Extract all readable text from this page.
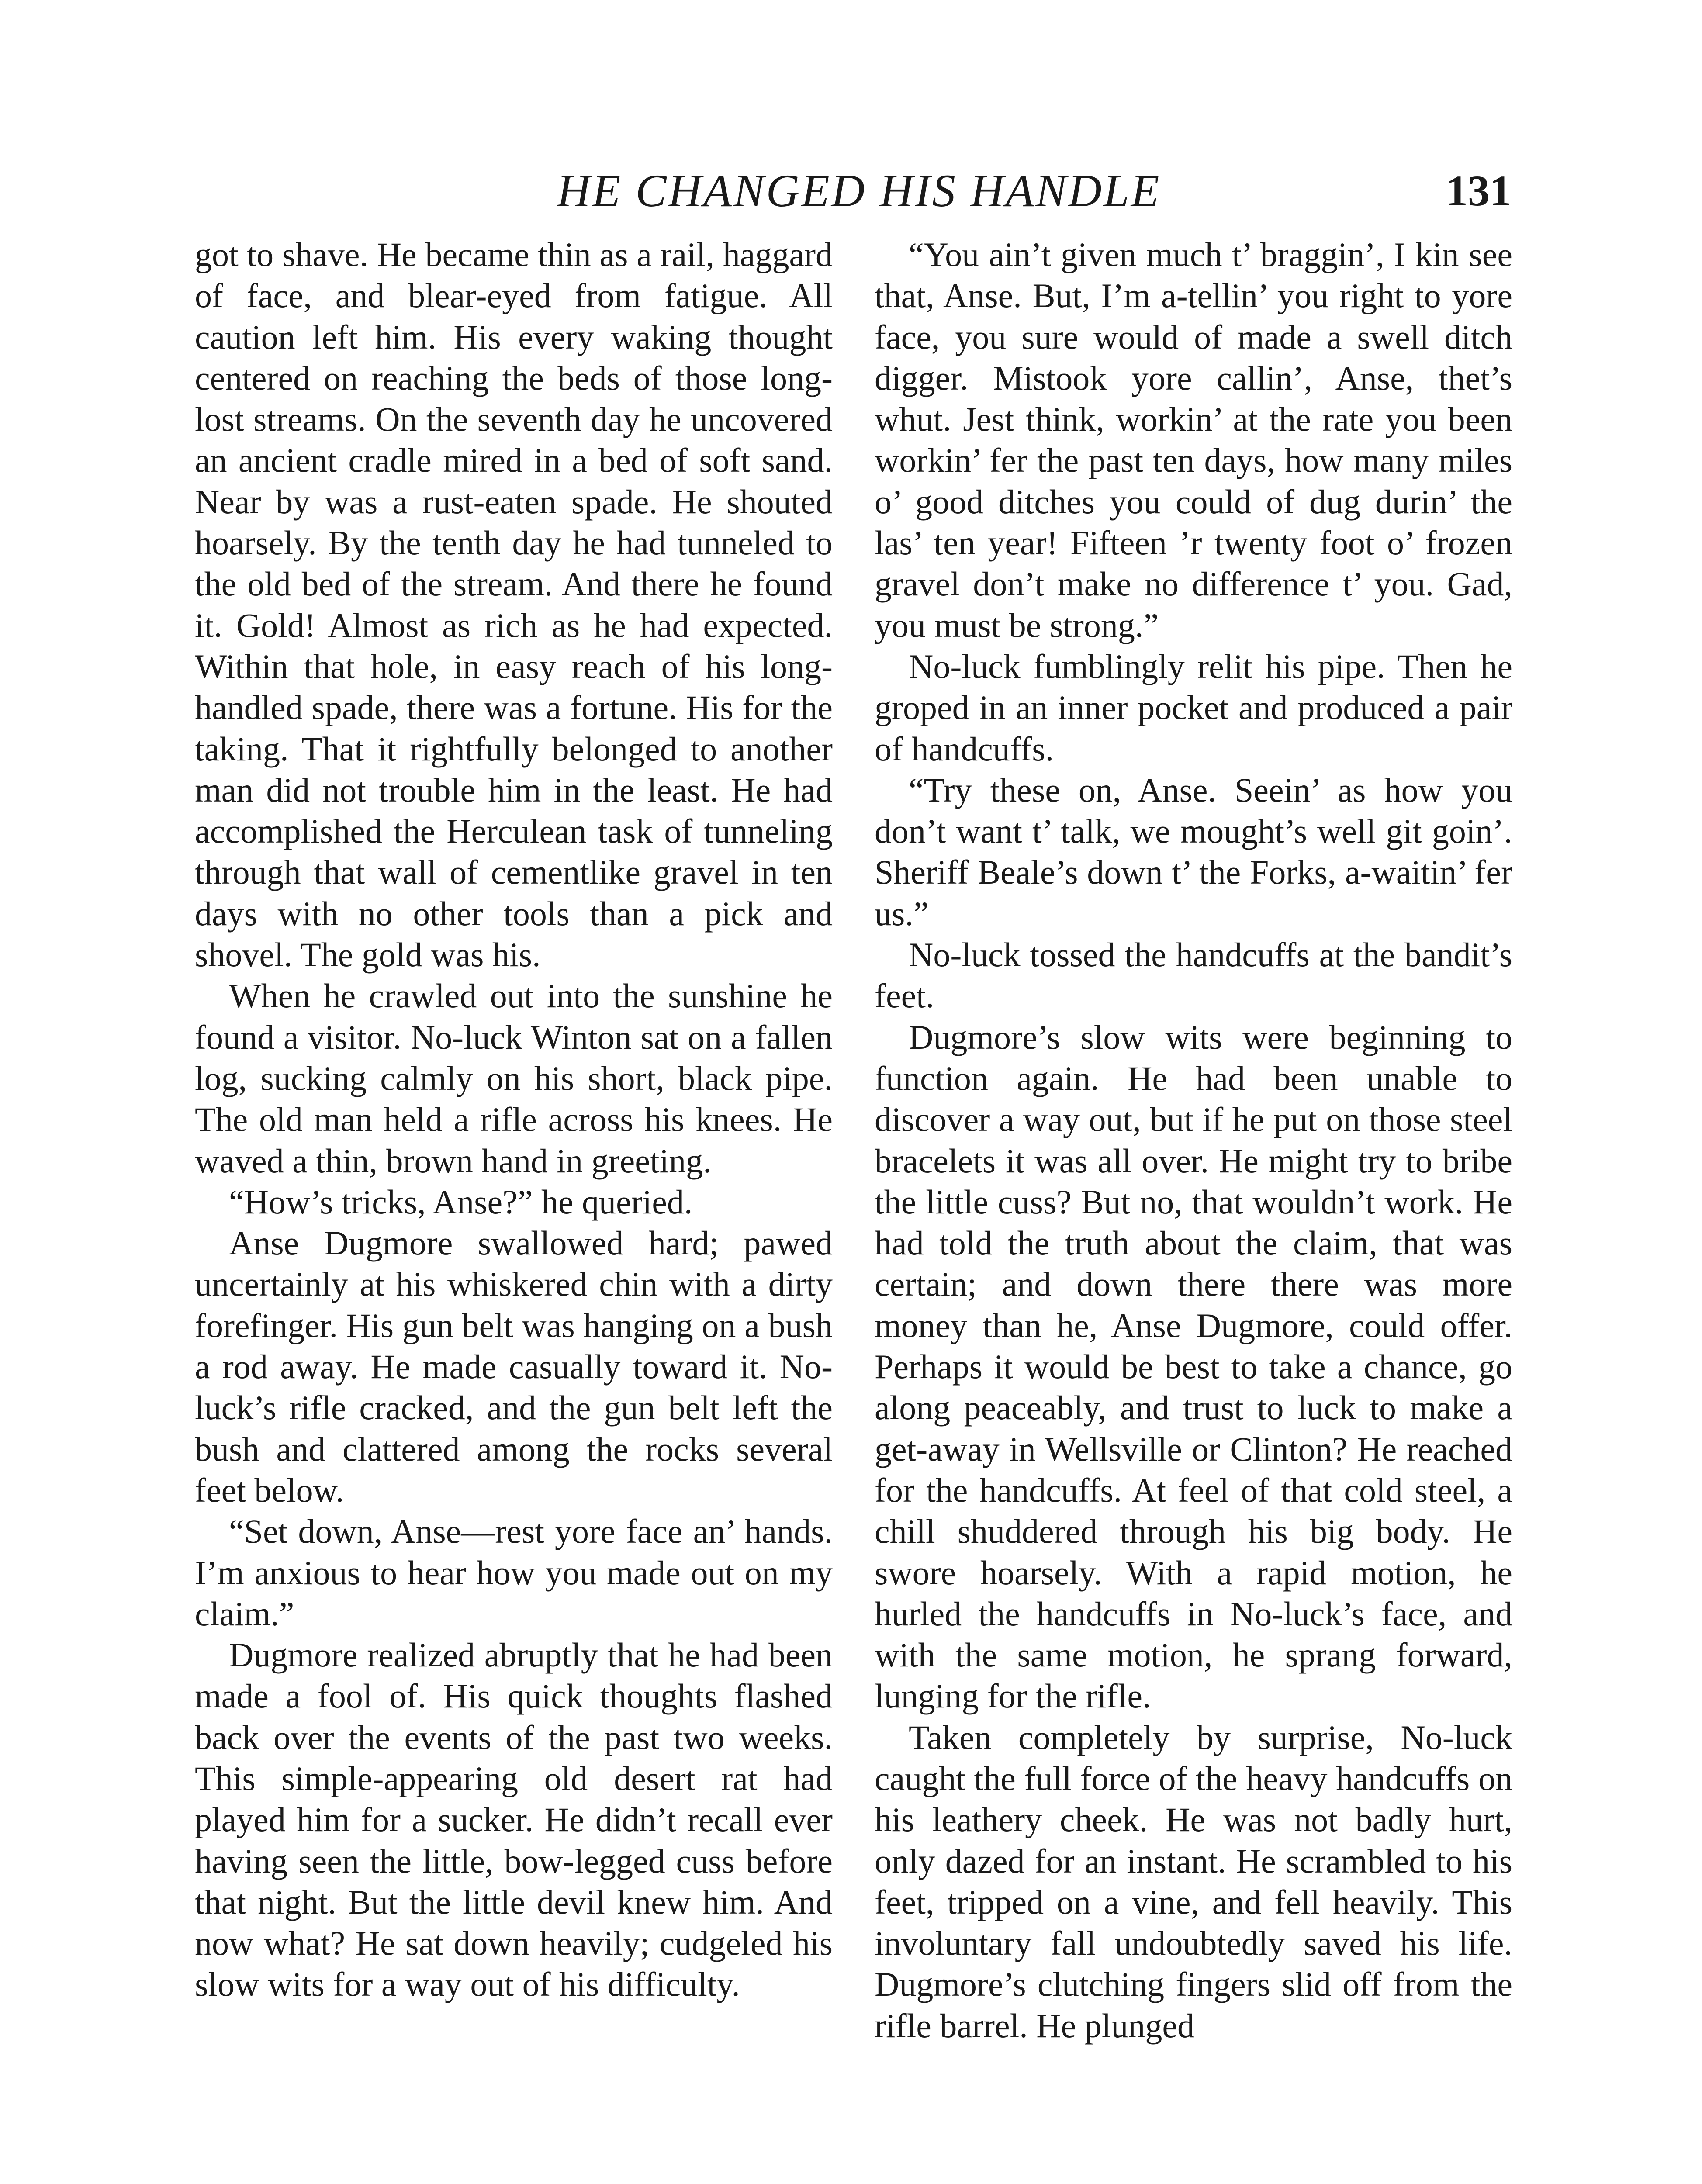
HE CHANGED HIS HANDLE	131

got to shave. He became thin as a rail, haggard of face, and blear-eyed from fatigue. All caution left him. His every waking thought centered on reaching the beds of those long-lost streams. On the seventh day he uncovered an ancient cradle mired in a bed of soft sand. Near by was a rust-eaten spade. He shouted hoarsely. By the tenth day he had tunneled to the old bed of the stream. And there he found it. Gold! Almost as rich as he had expected. Within that hole, in easy reach of his long-handled spade, there was a fortune. His for the taking. That it rightfully belonged to another man did not trouble him in the least. He had accomplished the Herculean task of tunneling through that wall of cementlike gravel in ten days with no other tools than a pick and shovel. The gold was his.

When he crawled out into the sunshine he found a visitor. No-luck Winton sat on a fallen log, sucking calmly on his short, black pipe. The old man held a rifle across his knees. He waved a thin, brown hand in greeting.

“How’s tricks, Anse?” he queried.

Anse Dugmore swallowed hard; pawed uncertainly at his whiskered chin with a dirty forefinger. His gun belt was hanging on a bush a rod away. He made casually toward it. No-luck’s rifle cracked, and the gun belt left the bush and clattered among the rocks several feet below.

“Set down, Anse—rest yore face an’ hands. I’m anxious to hear how you made out on my claim.”

Dugmore realized abruptly that he had been made a fool of. His quick thoughts flashed back over the events of the past two weeks. This simple-appearing old desert rat had played him for a sucker. He didn’t recall ever having seen the little, bow-legged cuss before that night. But the little devil knew him. And now what? He sat down heavily; cudgeled his slow wits for a way out of his difficulty.

“You ain’t given much t’ braggin’, I kin see that, Anse. But, I’m a-tellin’ you right to yore face, you sure would of made a swell ditch digger. Mistook yore callin’, Anse, thet’s whut. Jest think, workin’ at the rate you been workin’ fer the past ten days, how many miles o’ good ditches you could of dug durin’ the las’ ten year! Fifteen ’r twenty foot o’ frozen gravel don’t make no difference t’ you. Gad, you must be strong.”

No-luck fumblingly relit his pipe. Then he groped in an inner pocket and produced a pair of handcuffs.

“Try these on, Anse. Seein’ as how you don’t want t’ talk, we mought’s well git goin’. Sheriff Beale’s down t’ the Forks, a-waitin’ fer us.”

No-luck tossed the handcuffs at the bandit’s feet.

Dugmore’s slow wits were beginning to function again. He had been unable to discover a way out, but if he put on those steel bracelets it was all over. He might try to bribe the little cuss? But no, that wouldn’t work. He had told the truth about the claim, that was certain; and down there there was more money than he, Anse Dugmore, could offer. Perhaps it would be best to take a chance, go along peaceably, and trust to luck to make a get-away in Wellsville or Clinton? He reached for the handcuffs. At feel of that cold steel, a chill shuddered through his big body. He swore hoarsely. With a rapid motion, he hurled the handcuffs in No-luck’s face, and with the same motion, he sprang forward, lunging for the rifle.

Taken completely by surprise, No-luck caught the full force of the heavy handcuffs on his leathery cheek. He was not badly hurt, only dazed for an instant. He scrambled to his feet, tripped on a vine, and fell heavily. This involuntary fall undoubtedly saved his life. Dugmore’s clutching fingers slid off from the rifle barrel. He plunged
